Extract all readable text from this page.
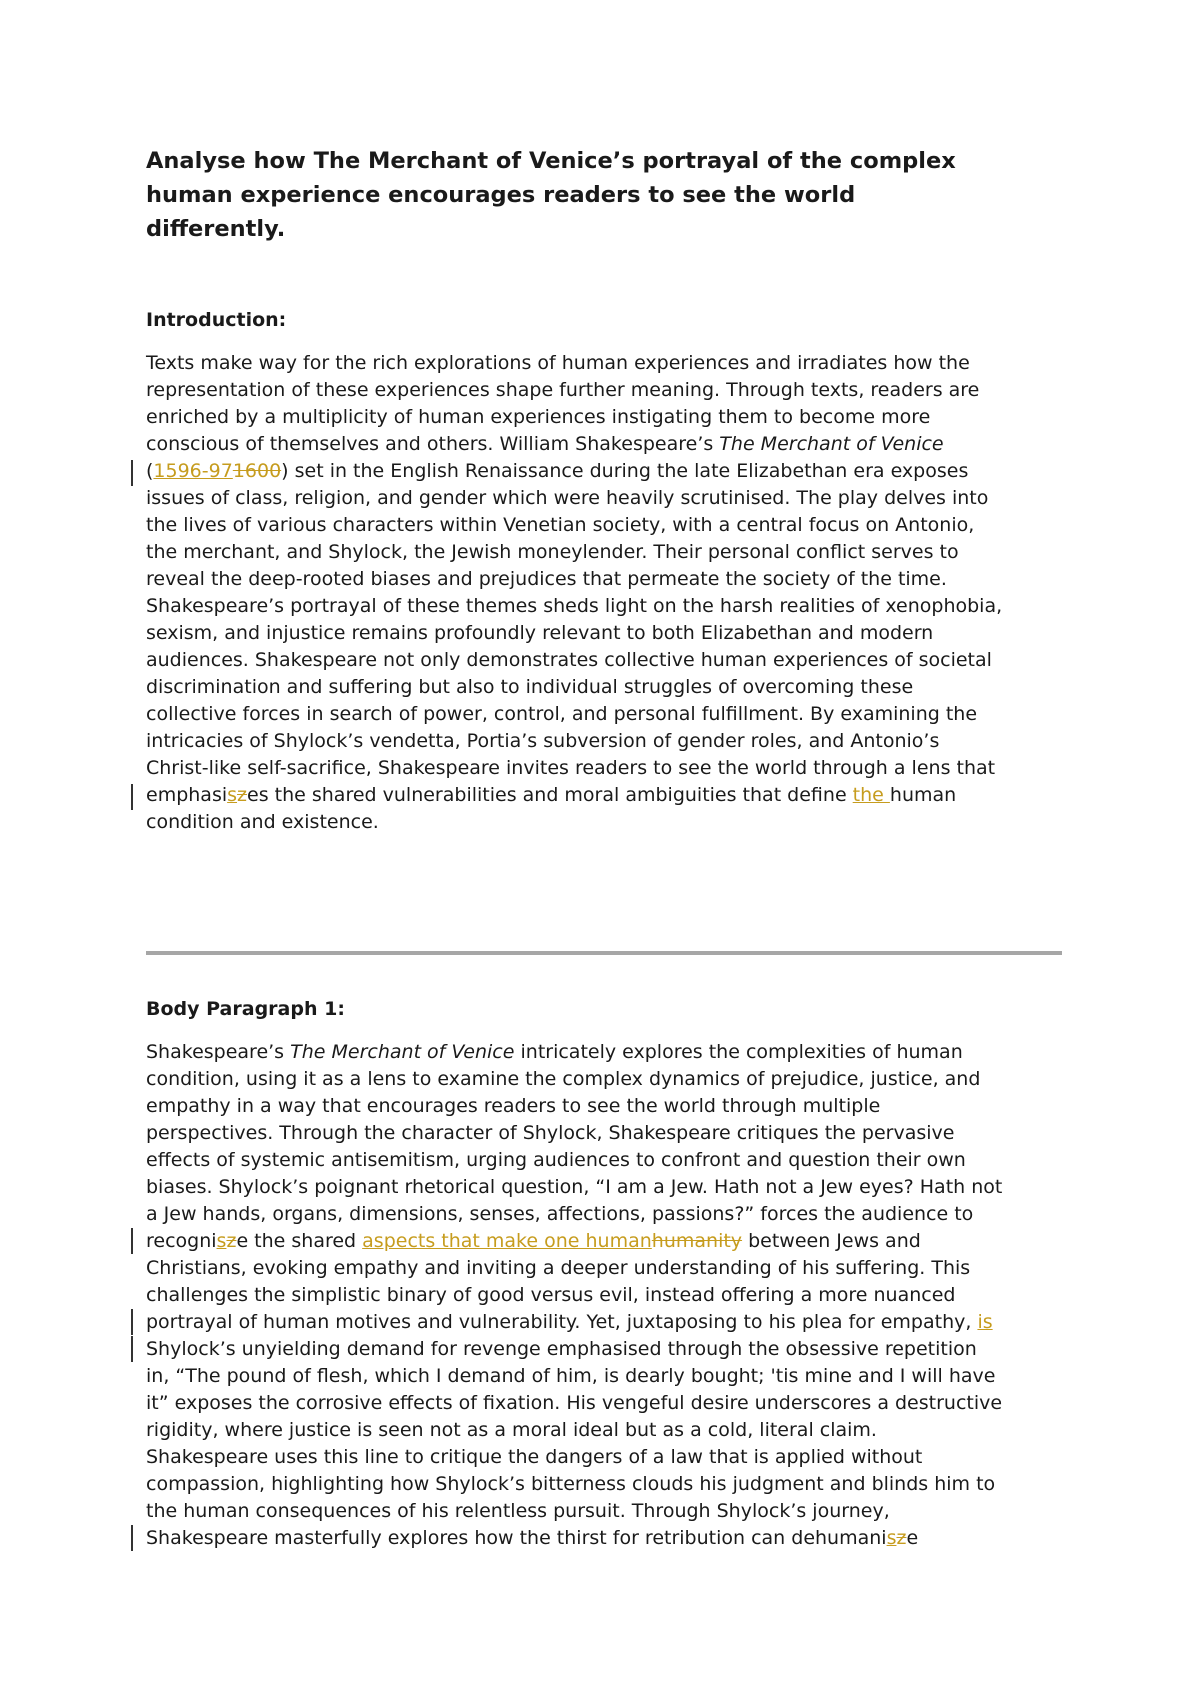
Analyse how The Merchant of Venice’s portrayal of the complex
human experience encourages readers to see the world
differently.
Introduction:
Texts make way for the rich explorations of human experiences and irradiates how the
representation of these experiences shape further meaning. Through texts, readers are
enriched by a multiplicity of human experiences instigating them to become more
conscious of themselves and others. William Shakespeare’s The Merchant of Venice
(1596-971600) set in the English Renaissance during the late Elizabethan era exposes
issues of class, religion, and gender which were heavily scrutinised. The play delves into
the lives of various characters within Venetian society, with a central focus on Antonio,
the merchant, and Shylock, the Jewish moneylender. Their personal conflict serves to
reveal the deep-rooted biases and prejudices that permeate the society of the time.
Shakespeare’s portrayal of these themes sheds light on the harsh realities of xenophobia,
sexism, and injustice remains profoundly relevant to both Elizabethan and modern
audiences. Shakespeare not only demonstrates collective human experiences of societal
discrimination and suffering but also to individual struggles of overcoming these
collective forces in search of power, control, and personal fulfillment. By examining the
intricacies of Shylock’s vendetta, Portia’s subversion of gender roles, and Antonio’s
Christ-like self-sacrifice, Shakespeare invites readers to see the world through a lens that
emphasiszes the shared vulnerabilities and moral ambiguities that define the human
condition and existence.
Body Paragraph 1:
Shakespeare’s The Merchant of Venice intricately explores the complexities of human
condition, using it as a lens to examine the complex dynamics of prejudice, justice, and
empathy in a way that encourages readers to see the world through multiple
perspectives. Through the character of Shylock, Shakespeare critiques the pervasive
effects of systemic antisemitism, urging audiences to confront and question their own
biases. Shylock’s poignant rhetorical question, “I am a Jew. Hath not a Jew eyes? Hath not
a Jew hands, organs, dimensions, senses, affections, passions?” forces the audience to
recognisze the shared aspects that make one humanhumanity between Jews and
Christians, evoking empathy and inviting a deeper understanding of his suffering. This
challenges the simplistic binary of good versus evil, instead offering a more nuanced
portrayal of human motives and vulnerability. Yet, juxtaposing to his plea for empathy, is
Shylock’s unyielding demand for revenge emphasised through the obsessive repetition
in, “The pound of flesh, which I demand of him, is dearly bought; 'tis mine and I will have
it” exposes the corrosive effects of fixation. His vengeful desire underscores a destructive
rigidity, where justice is seen not as a moral ideal but as a cold, literal claim.
Shakespeare uses this line to critique the dangers of a law that is applied without
compassion, highlighting how Shylock’s bitterness clouds his judgment and blinds him to
the human consequences of his relentless pursuit. Through Shylock’s journey,
Shakespeare masterfully explores how the thirst for retribution can dehumanisze
